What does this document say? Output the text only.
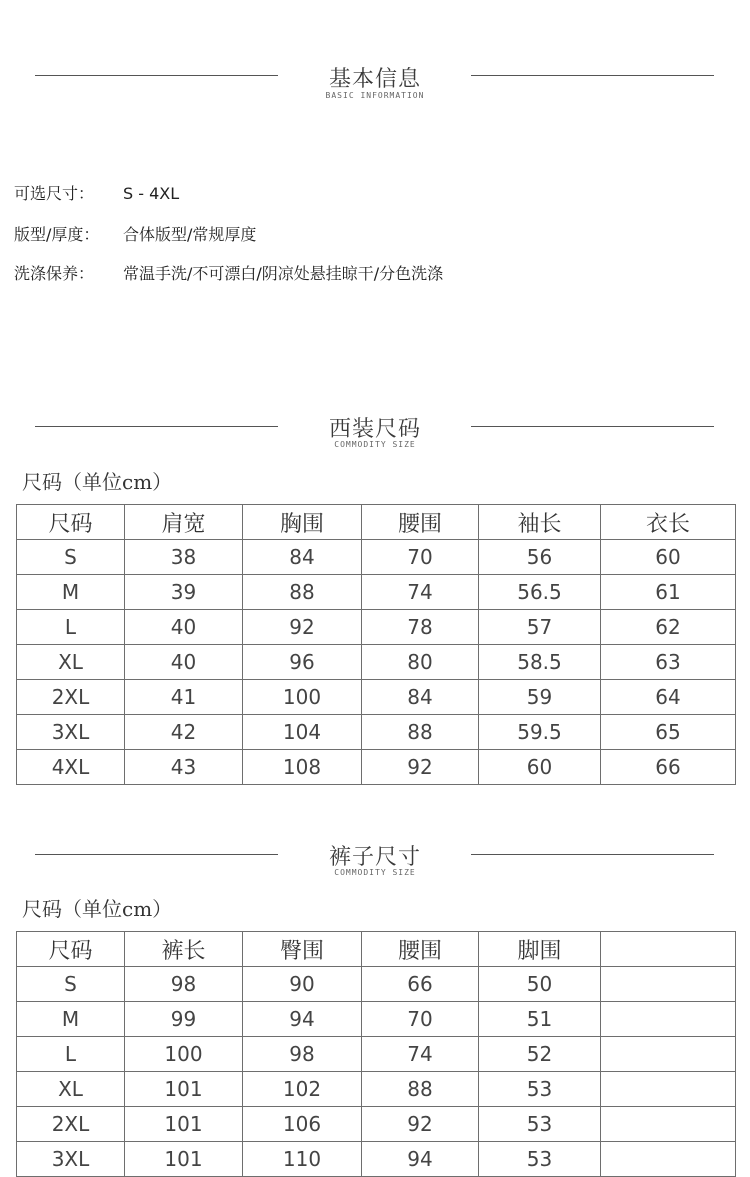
基本信息
BASIC INFORMATION
可选尺寸： S - 4XL
版型/厚度： 合体版型/常规厚度
洗涤保养： 常温手洗/不可漂白/阴凉处悬挂晾干/分色洗涤
西装尺码
COMMODITY SIZE
尺码（单位cm）
尺码	肩宽	胸围	腰围	袖长	衣长
S	38	84	70	56	60
M	39	88	74	56.5	61
L	40	92	78	57	62
XL	40	96	80	58.5	63
2XL	41	100	84	59	64
3XL	42	104	88	59.5	65
4XL	43	108	92	60	66
裤子尺寸
COMMODITY SIZE
尺码（单位cm）
尺码	裤长	臀围	腰围	脚围	
S	98	90	66	50	
M	99	94	70	51	
L	100	98	74	52	
XL	101	102	88	53	
2XL	101	106	92	53	
3XL	101	110	94	53	
